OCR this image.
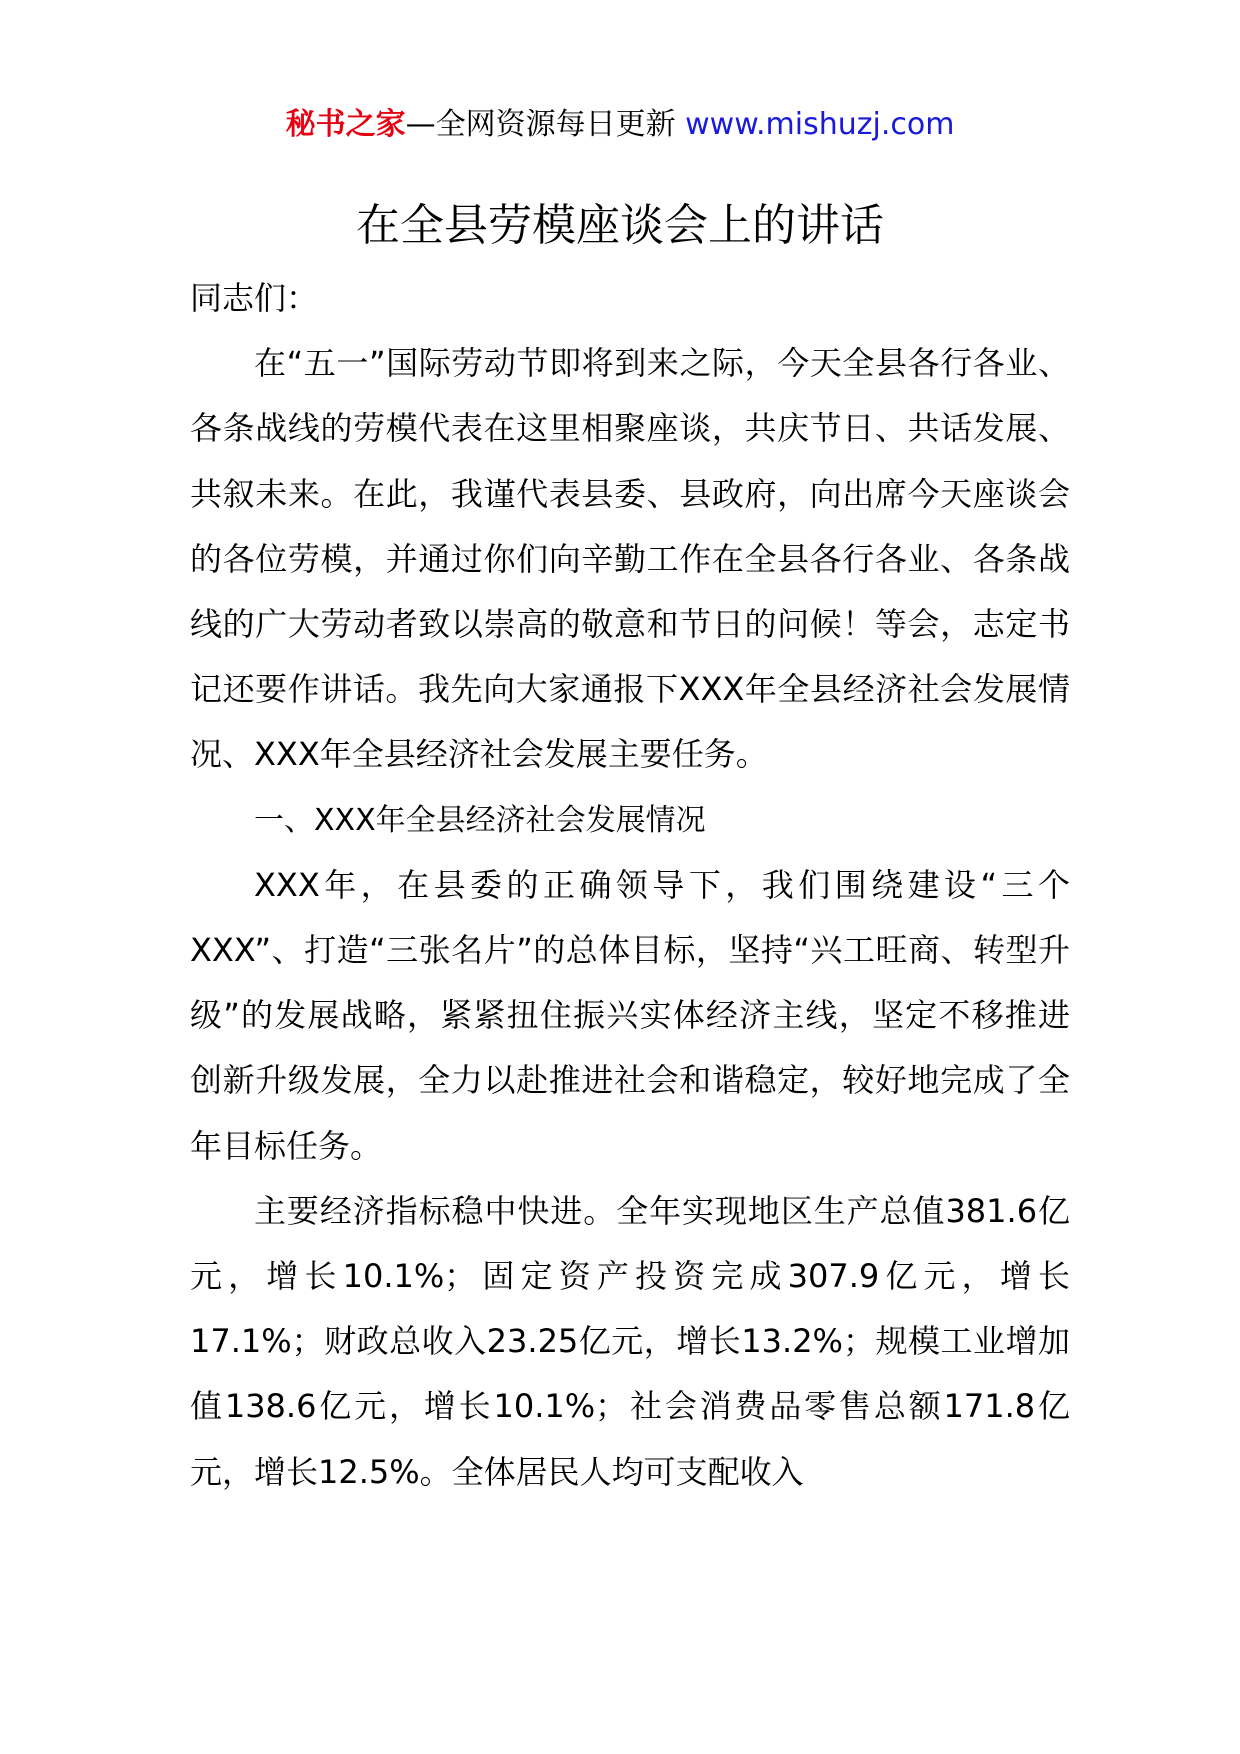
秘书之家—全网资源每日更新 www.mishuzj.com
在全县劳模座谈会上的讲话

同志们：

在“五一”国际劳动节即将到来之际，今天全县各行各业、各条战线的劳模代表在这里相聚座谈，共庆节日、共话发展、共叙未来。在此，我谨代表县委、县政府，向出席今天座谈会的各位劳模，并通过你们向辛勤工作在全县各行各业、各条战线的广大劳动者致以崇高的敬意和节日的问候！等会，志定书记还要作讲话。我先向大家通报下XXX年全县经济社会发展情况、XXX年全县经济社会发展主要任务。

一、XXX年全县经济社会发展情况

XXX年，在县委的正确领导下，我们围绕建设“三个XXX”、打造“三张名片”的总体目标，坚持“兴工旺商、转型升级”的发展战略，紧紧扭住振兴实体经济主线，坚定不移推进创新升级发展，全力以赴推进社会和谐稳定，较好地完成了全年目标任务。

主要经济指标稳中快进。全年实现地区生产总值381.6亿元，增长10.1%；固定资产投资完成307.9亿元，增长17.1%；财政总收入23.25亿元，增长13.2%；规模工业增加值138.6亿元，增长10.1%；社会消费品零售总额171.8亿元，增长12.5%。全体居民人均可支配收入
